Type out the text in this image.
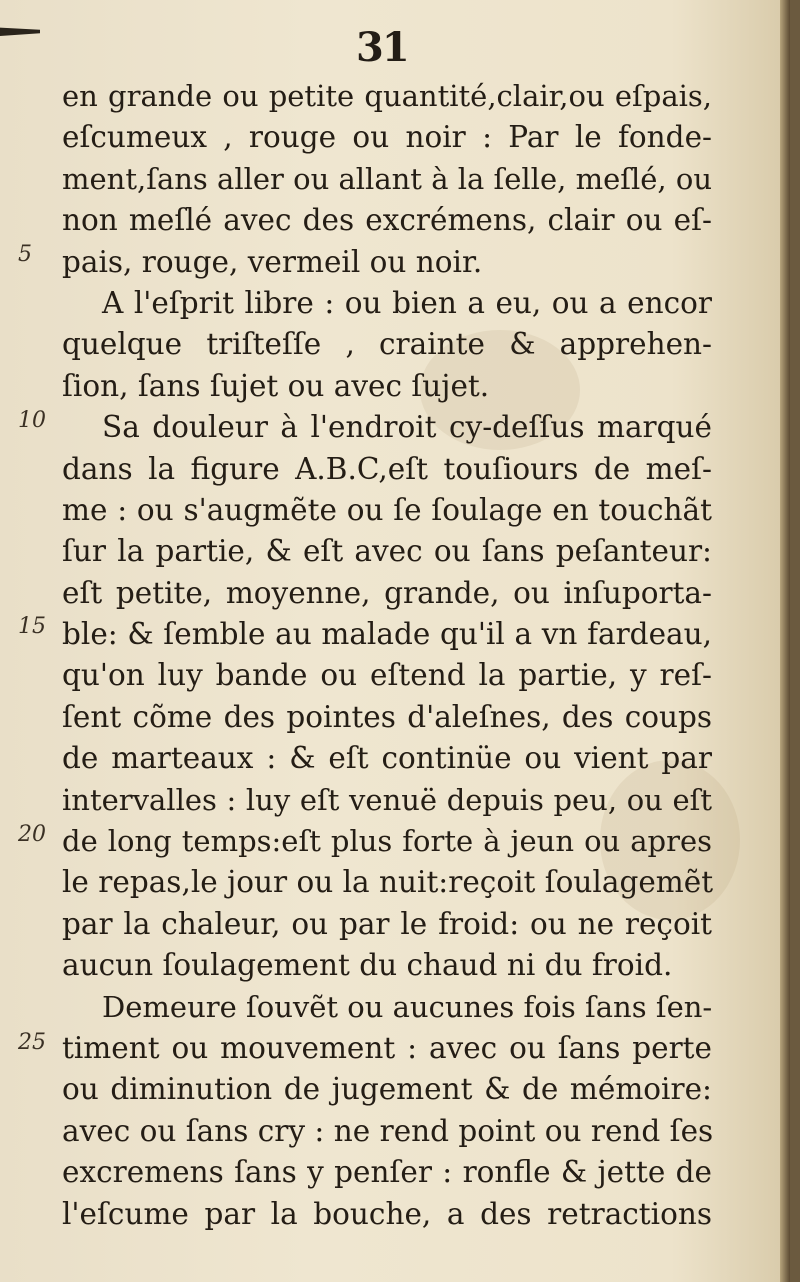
31
5
10
15
20
25
en grande ou petite quantité,clair,ou eſpais,
eſcumeux , rouge ou noir : Par le fonde-
ment,ſans aller ou allant à la ſelle, meſlé, ou
non meſlé avec des excrémens, clair ou eſ-
pais, rouge, vermeil ou noir.
A l'eſprit libre : ou bien a eu, ou a encor
quelque triſteſſe , crainte & apprehen-
ſion, ſans ſujet ou avec ſujet.
Sa douleur à l'endroit cy-deſſus marqué
dans la figure A.B.C,eſt touſiours de meſ-
me : ou s'augmẽte ou ſe ſoulage en touchãt
ſur la partie, & eſt avec ou ſans peſanteur:
eſt petite, moyenne, grande, ou inſuporta-
ble: & ſemble au malade qu'il a vn fardeau,
qu'on luy bande ou eſtend la partie, y reſ-
ſent cõme des pointes d'aleſnes, des coups
de marteaux : & eſt continüe ou vient par
intervalles : luy eſt venuë depuis peu, ou eſt
de long temps:eſt plus forte à jeun ou apres
le repas,le jour ou la nuit:reçoit ſoulagemẽt
par la chaleur, ou par le froid: ou ne reçoit
aucun ſoulagement du chaud ni du froid.
Demeure ſouvẽt ou aucunes fois ſans ſen-
timent ou mouvement : avec ou ſans perte
ou diminution de jugement & de mémoire:
avec ou ſans cry : ne rend point ou rend ſes
excremens ſans y penſer : ronfle & jette de
l'eſcume par la bouche, a des retractions
